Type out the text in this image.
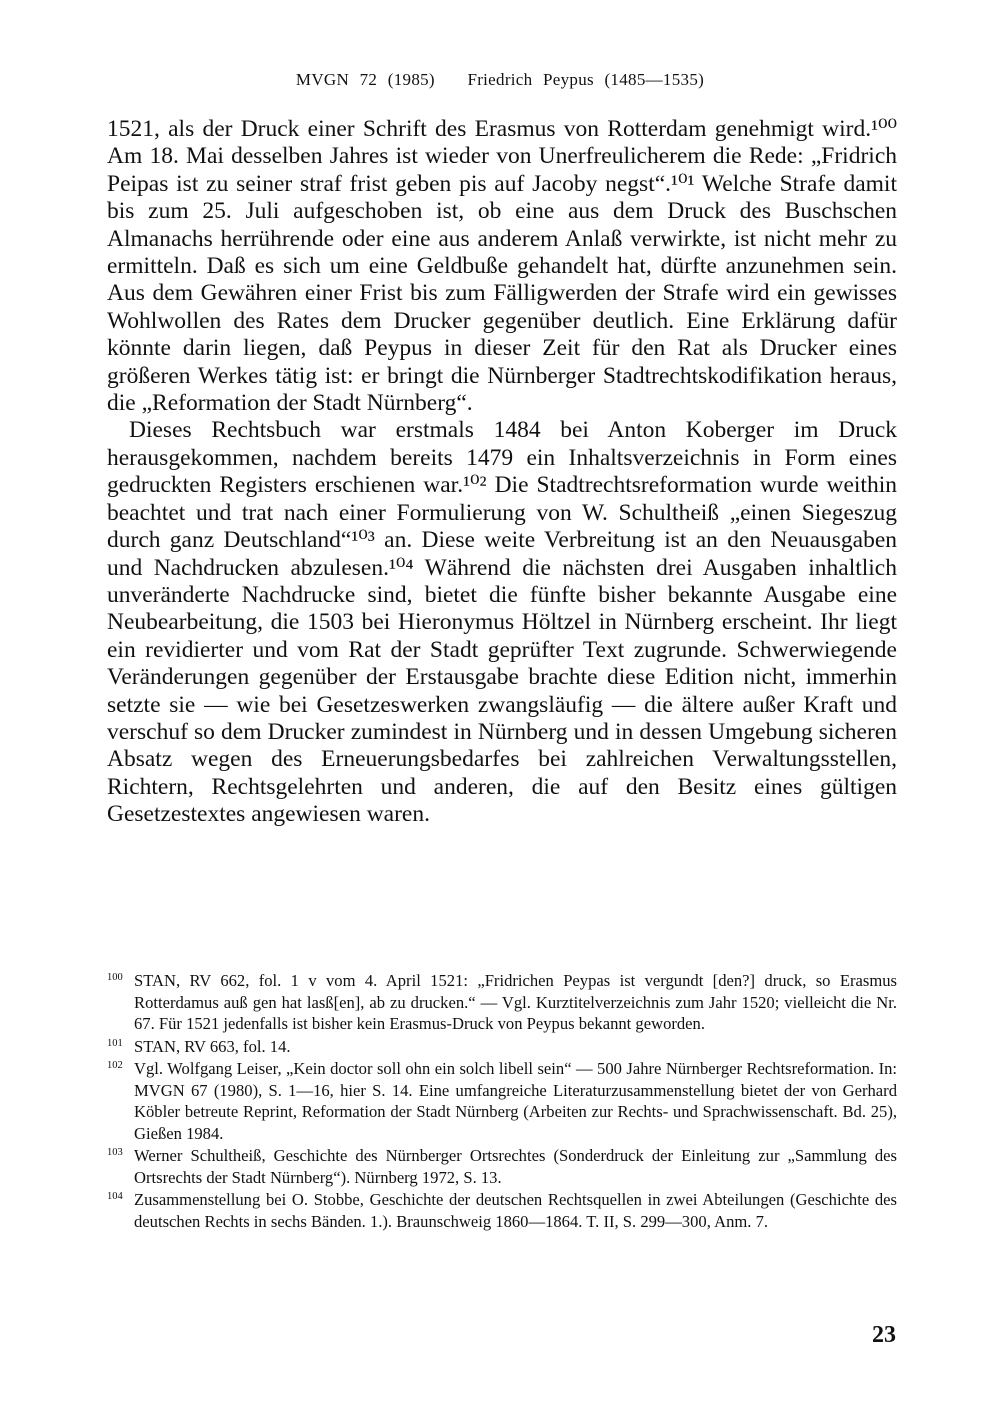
MVGN 72 (1985) Friedrich Peypus (1485—1535)

1521, als der Druck einer Schrift des Erasmus von Rotterdam genehmigt wird.¹⁰⁰ Am 18. Mai desselben Jahres ist wieder von Unerfreulicherem die Rede: „Fridrich Peipas ist zu seiner straf frist geben pis auf Jacoby negst“.¹⁰¹ Welche Strafe damit bis zum 25. Juli aufgeschoben ist, ob eine aus dem Druck des Buschschen Almanachs herrührende oder eine aus anderem Anlaß verwirkte, ist nicht mehr zu ermitteln. Daß es sich um eine Geldbuße gehandelt hat, dürfte anzunehmen sein. Aus dem Gewähren einer Frist bis zum Fälligwerden der Strafe wird ein gewisses Wohlwollen des Rates dem Drucker gegenüber deutlich. Eine Erklärung dafür könnte darin liegen, daß Peypus in dieser Zeit für den Rat als Drucker eines größeren Werkes tätig ist: er bringt die Nürnberger Stadtrechtskodifikation heraus, die „Reformation der Stadt Nürnberg“.

Dieses Rechtsbuch war erstmals 1484 bei Anton Koberger im Druck herausgekommen, nachdem bereits 1479 ein Inhaltsverzeichnis in Form eines gedruckten Registers erschienen war.¹⁰² Die Stadtrechtsreformation wurde weithin beachtet und trat nach einer Formulierung von W. Schultheiß „einen Siegeszug durch ganz Deutschland“¹⁰³ an. Diese weite Verbreitung ist an den Neuausgaben und Nachdrucken abzulesen.¹⁰⁴ Während die nächsten drei Ausgaben inhaltlich unveränderte Nachdrucke sind, bietet die fünfte bisher bekannte Ausgabe eine Neubearbeitung, die 1503 bei Hieronymus Höltzel in Nürnberg erscheint. Ihr liegt ein revidierter und vom Rat der Stadt geprüfter Text zugrunde. Schwerwiegende Veränderungen gegenüber der Erstausgabe brachte diese Edition nicht, immerhin setzte sie — wie bei Gesetzeswerken zwangsläufig — die ältere außer Kraft und verschuf so dem Drucker zumindest in Nürnberg und in dessen Umgebung sicheren Absatz wegen des Erneuerungsbedarfes bei zahlreichen Verwaltungsstellen, Richtern, Rechtsgelehrten und anderen, die auf den Besitz eines gültigen Gesetzestextes angewiesen waren.

100 STAN, RV 662, fol. 1 v vom 4. April 1521: „Fridrichen Peypas ist vergundt [den?] druck, so Erasmus Rotterdamus auß gen hat lasß[en], ab zu drucken.“ — Vgl. Kurztitelverzeichnis zum Jahr 1520; vielleicht die Nr. 67. Für 1521 jedenfalls ist bisher kein Erasmus-Druck von Peypus bekannt geworden.
101 STAN, RV 663, fol. 14.
102 Vgl. Wolfgang Leiser, „Kein doctor soll ohn ein solch libell sein“ — 500 Jahre Nürnberger Rechtsreformation. In: MVGN 67 (1980), S. 1—16, hier S. 14. Eine umfangreiche Literaturzusammenstellung bietet der von Gerhard Köbler betreute Reprint, Reformation der Stadt Nürnberg (Arbeiten zur Rechts- und Sprachwissenschaft. Bd. 25), Gießen 1984.
103 Werner Schultheiß, Geschichte des Nürnberger Ortsrechtes (Sonderdruck der Einleitung zur „Sammlung des Ortsrechts der Stadt Nürnberg“). Nürnberg 1972, S. 13.
104 Zusammenstellung bei O. Stobbe, Geschichte der deutschen Rechtsquellen in zwei Abteilungen (Geschichte des deutschen Rechts in sechs Bänden. 1.). Braunschweig 1860—1864. T. II, S. 299—300, Anm. 7.
23
